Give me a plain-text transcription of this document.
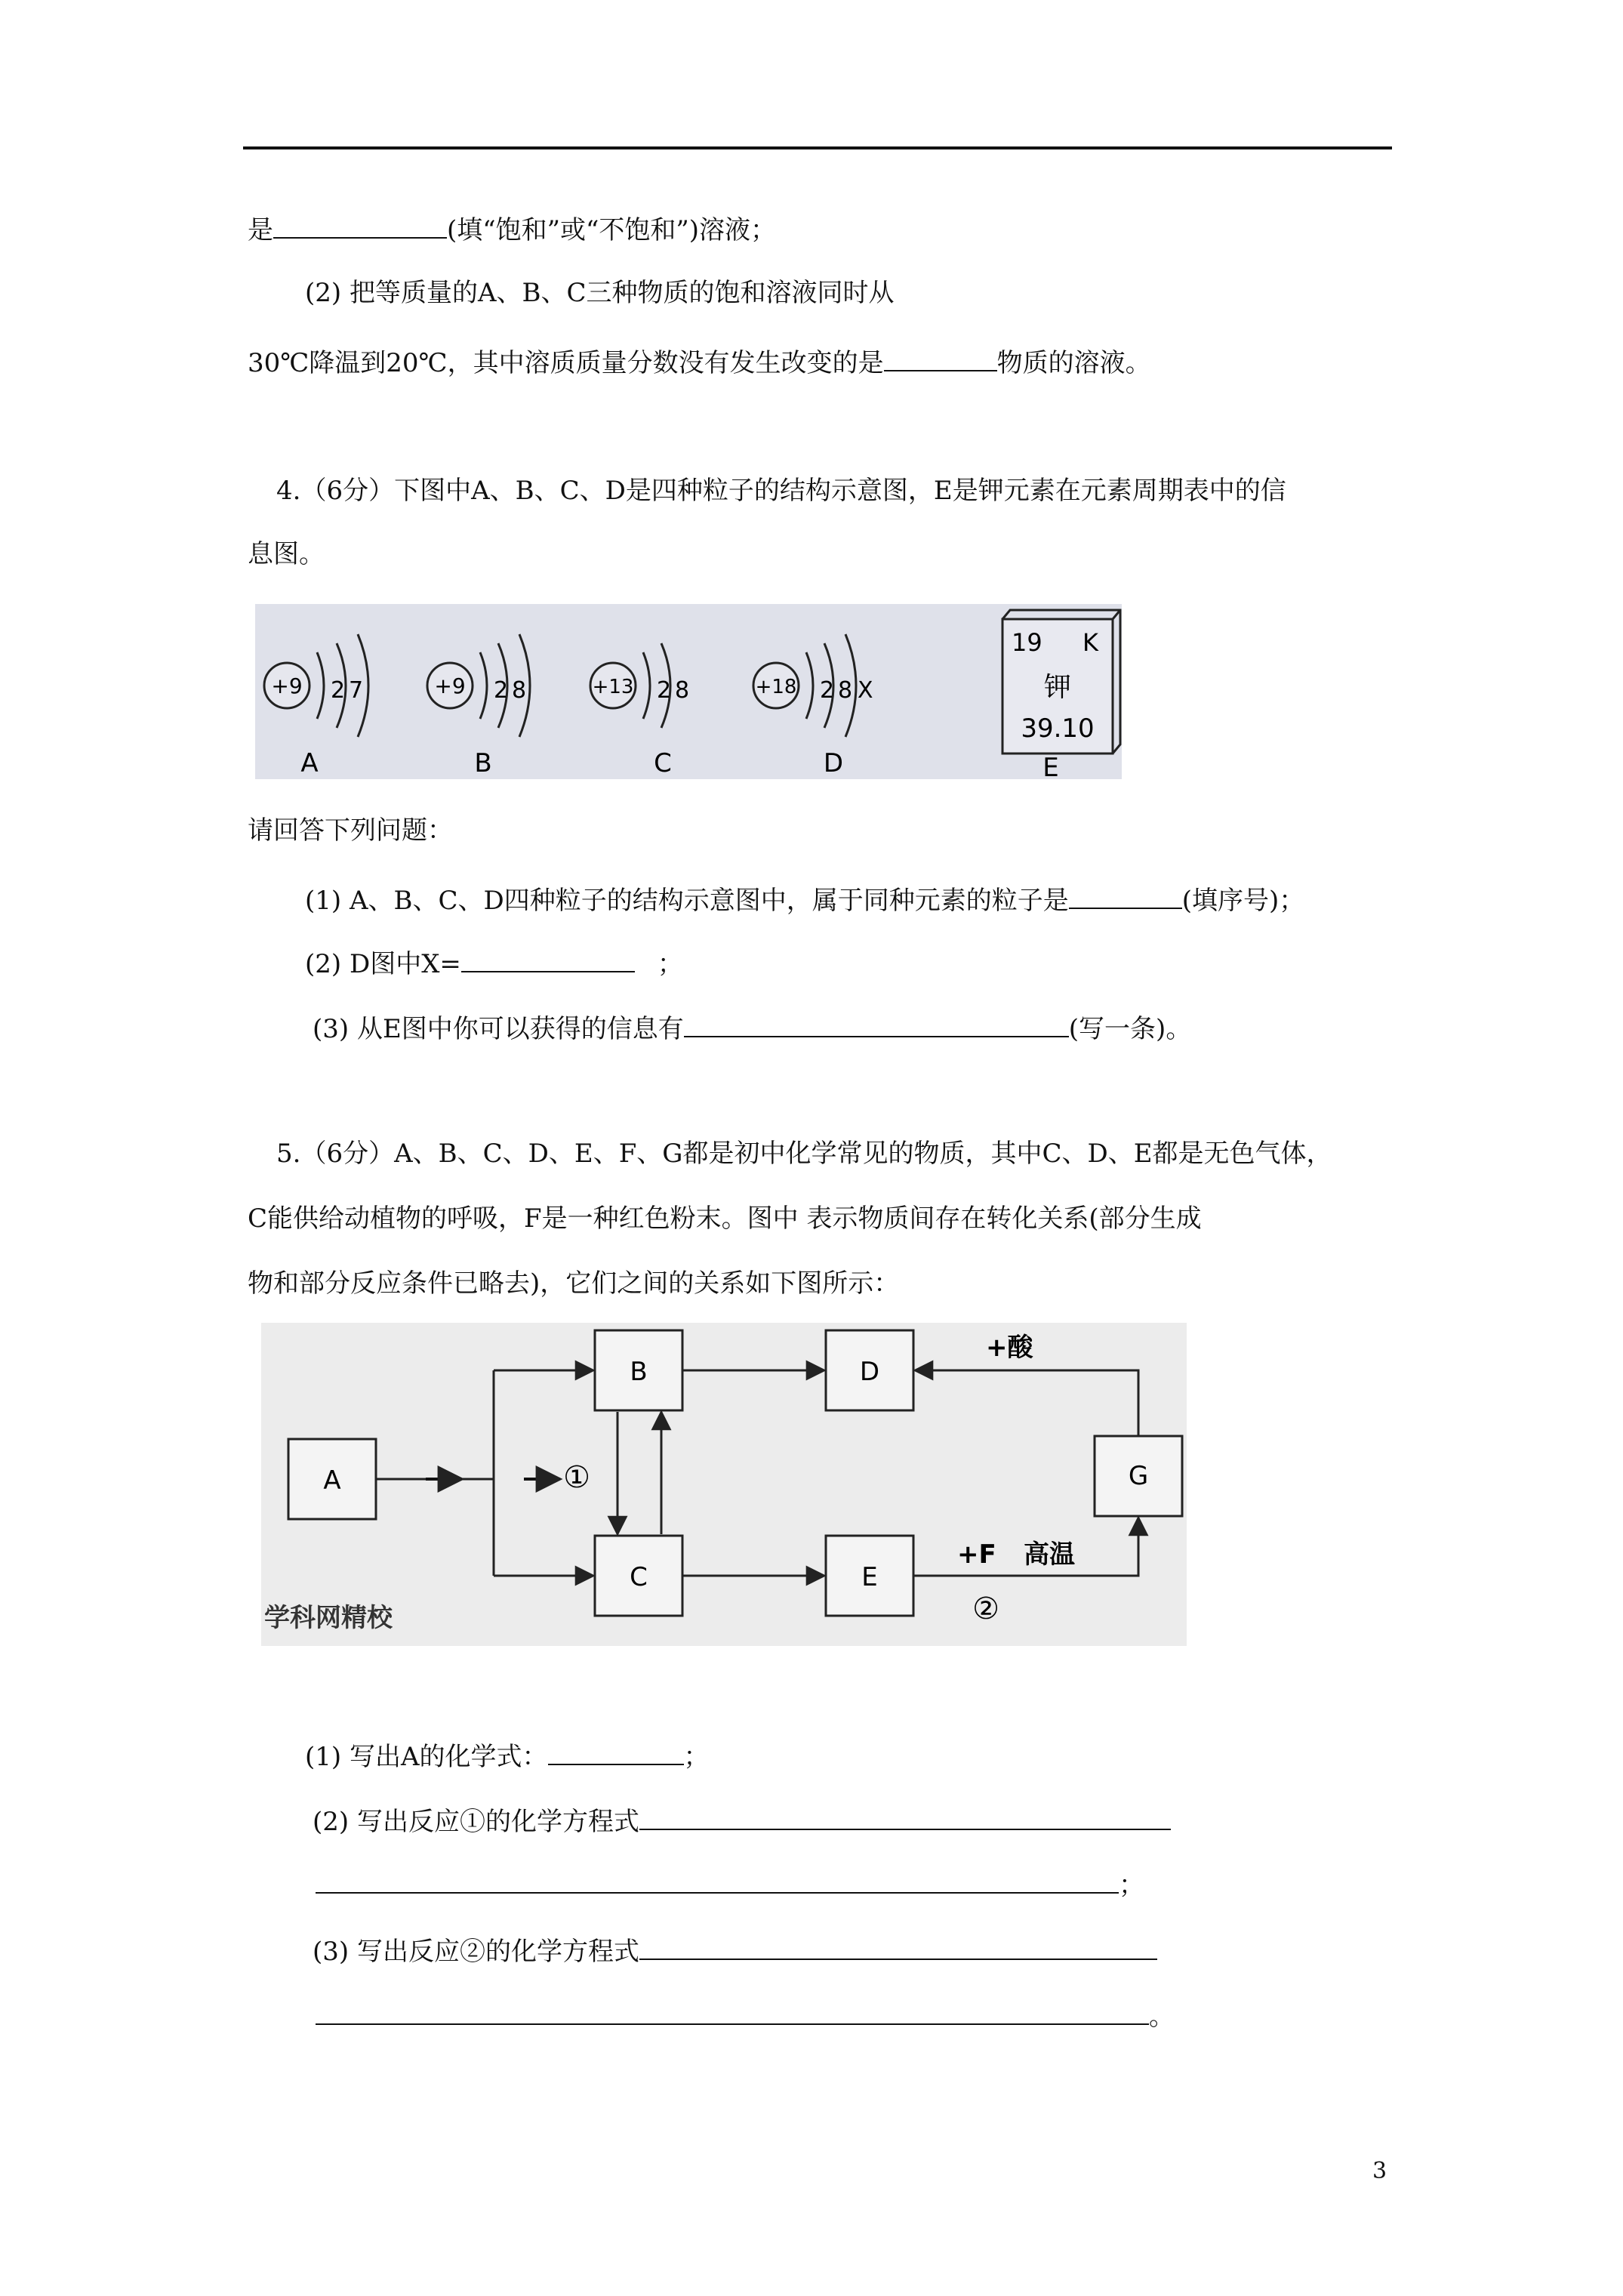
是	(填“饱和”或“不饱和”)溶液；
(2) 把等质量的A、B、C三种物质的饱和溶液同时从
30℃降温到20℃，其中溶质质量分数没有发生改变的是	物质的溶液。
4.（6分）下图中A、B、C、D是四种粒子的结构示意图，E是钾元素在元素周期表中的信
息图。
+9 2 7
A
+9 2 8
B
+13 2 8
C
+18 2 8 X
D
19 K
钾
39.10
E
请回答下列问题：
(1) A、B、C、D四种粒子的结构示意图中，属于同种元素的粒子是	(填序号)；
(2) D图中X=	；
(3) 从E图中你可以获得的信息有	(写一条)。
5.（6分）A、B、C、D、E、F、G都是初中化学常见的物质，其中C、D、E都是无色气体，
C能供给动植物的呼吸，F是一种红色粉末。图中 表示物质间存在转化关系(部分生成
物和部分反应条件已略去)，它们之间的关系如下图所示：
A
B
C
D
E
G
+酸
+F 高温
①
②
学科网精校
(1) 写出A的化学式：	；
(2) 写出反应①的化学方程式
；
(3) 写出反应②的化学方程式
。
3
